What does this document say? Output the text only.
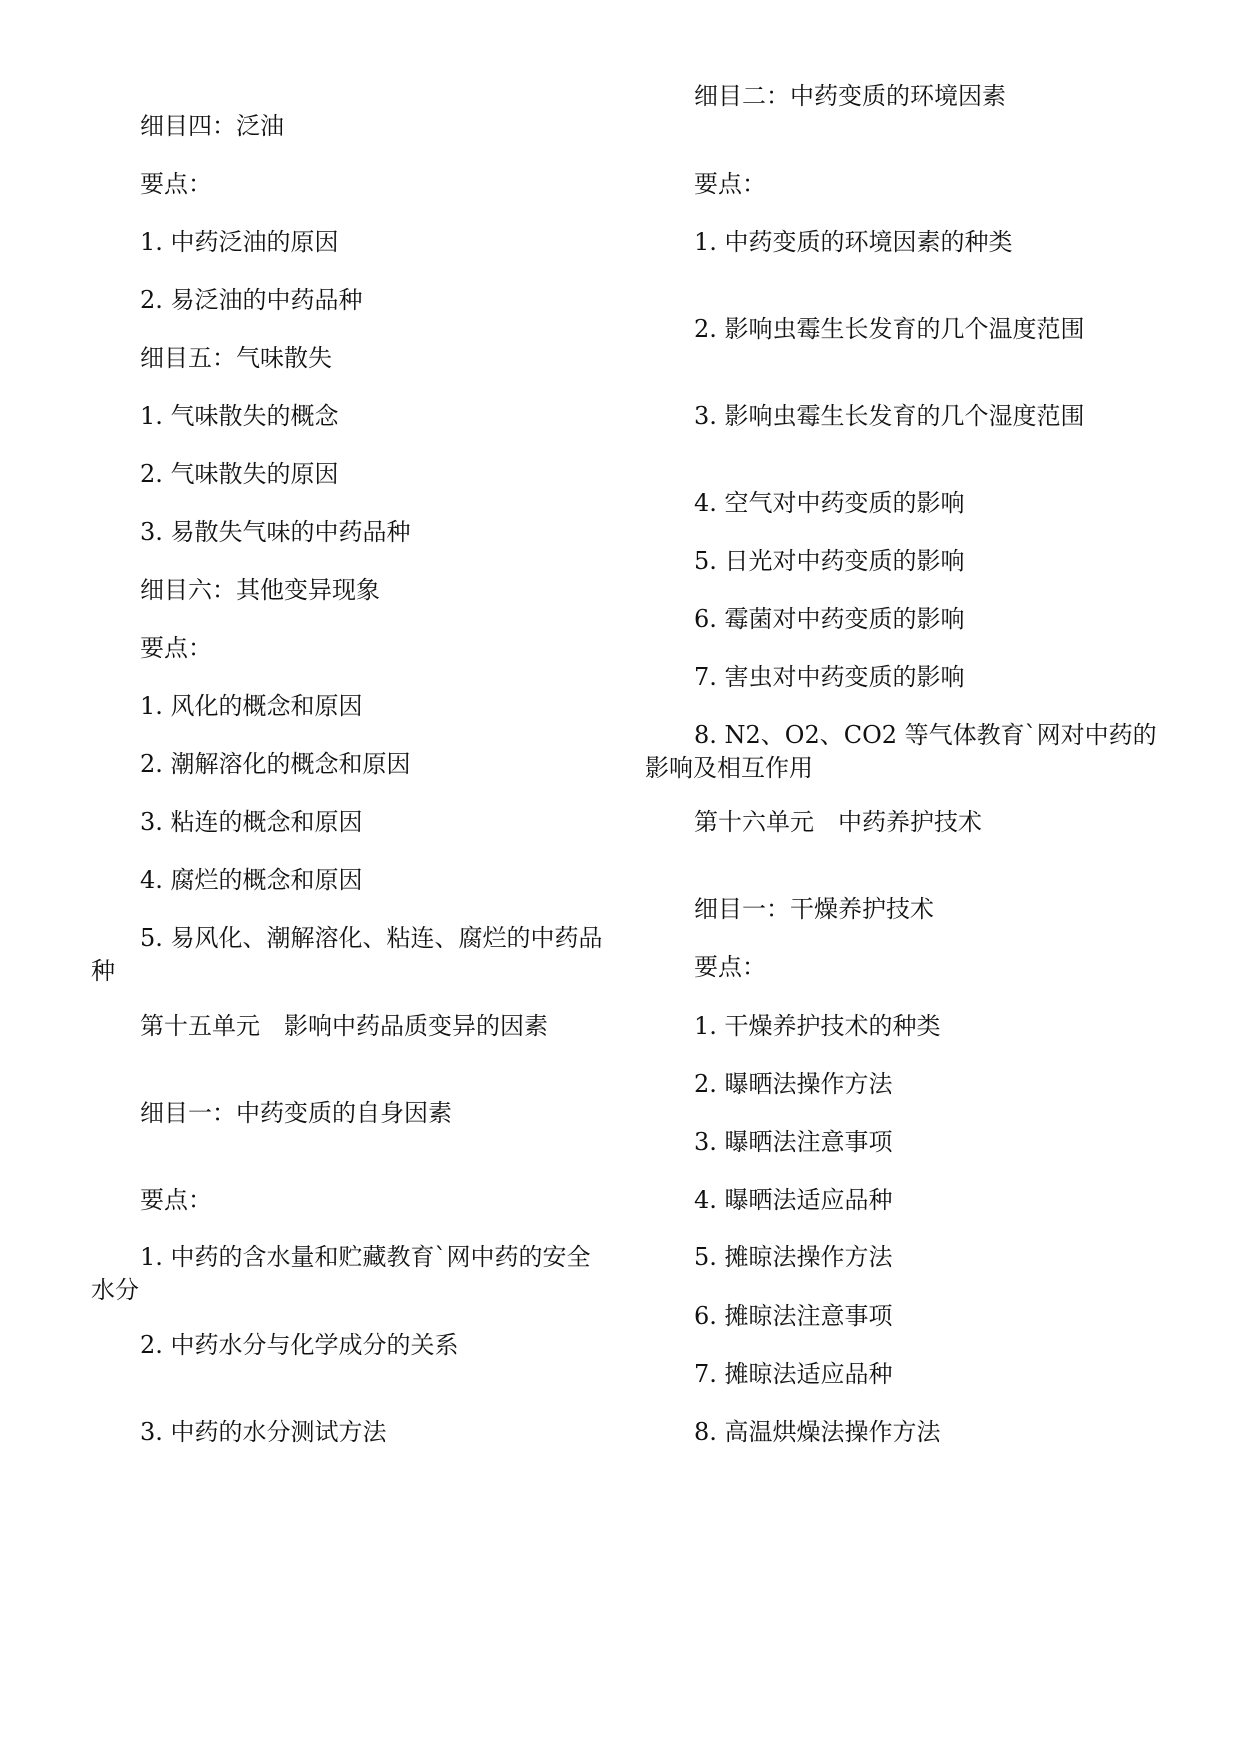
细目四：泛油
要点：
1. 中药泛油的原因
2. 易泛油的中药品种
细目五：气味散失
1. 气味散失的概念
2. 气味散失的原因
3. 易散失气味的中药品种
细目六：其他变异现象
要点：
1. 风化的概念和原因
2. 潮解溶化的概念和原因
3. 粘连的概念和原因
4. 腐烂的概念和原因
5. 易风化、潮解溶化、粘连、腐烂的中药品种
第十五单元　影响中药品质变异的因素
细目一：中药变质的自身因素
要点：
1. 中药的含水量和贮藏教育`网中药的安全水分
2. 中药水分与化学成分的关系
3. 中药的水分测试方法
细目二：中药变质的环境因素
要点：
1. 中药变质的环境因素的种类
2. 影响虫霉生长发育的几个温度范围
3. 影响虫霉生长发育的几个湿度范围
4. 空气对中药变质的影响
5. 日光对中药变质的影响
6. 霉菌对中药变质的影响
7. 害虫对中药变质的影响
8. N2、O2、CO2 等气体教育`网对中药的影响及相互作用
第十六单元　中药养护技术
细目一：干燥养护技术
要点：
1. 干燥养护技术的种类
2. 曝晒法操作方法
3. 曝晒法注意事项
4. 曝晒法适应品种
5. 摊晾法操作方法
6. 摊晾法注意事项
7. 摊晾法适应品种
8. 高温烘燥法操作方法
